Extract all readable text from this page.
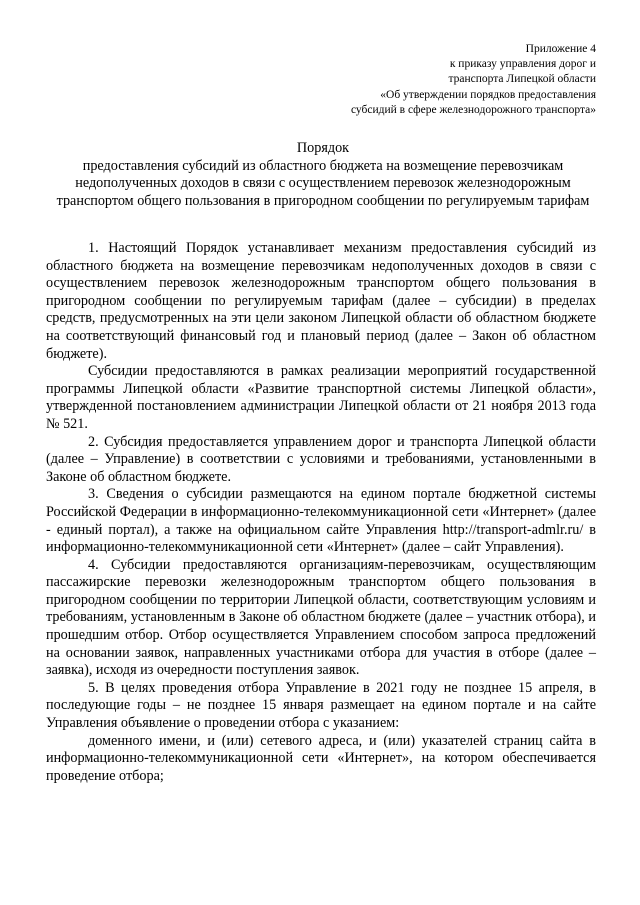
Приложение 4
к приказу управления дорог и
транспорта Липецкой области
«Об утверждении порядков предоставления
субсидий в сфере железнодорожного транспорта»
Порядок
предоставления субсидий из областного бюджета на возмещение перевозчикам недополученных доходов в связи с осуществлением перевозок железнодорожным транспортом общего пользования в пригородном сообщении по регулируемым тарифам

1. Настоящий Порядок устанавливает механизм предоставления субсидий из областного бюджета на возмещение перевозчикам недополученных доходов в связи с осуществлением перевозок железнодорожным транспортом общего пользования в пригородном сообщении по регулируемым тарифам (далее – субсидии) в пределах средств, предусмотренных на эти цели законом Липецкой области об областном бюджете на соответствующий финансовый год и плановый период (далее – Закон об областном бюджете).

Субсидии предоставляются в рамках реализации мероприятий государственной программы Липецкой области «Развитие транспортной системы Липецкой области», утвержденной постановлением администрации Липецкой области от 21 ноября 2013 года № 521.

2. Субсидия предоставляется управлением дорог и транспорта Липецкой области (далее – Управление) в соответствии с условиями и требованиями, установленными в Законе об областном бюджете.

3. Сведения о субсидии размещаются на едином портале бюджетной системы Российской Федерации в информационно-телекоммуникационной сети «Интернет» (далее - единый портал), а также на официальном сайте Управления http://transport-admlr.ru/ в информационно-телекоммуникационной сети «Интернет» (далее – сайт Управления).

4. Субсидии предоставляются организациям-перевозчикам, осуществляющим пассажирские перевозки железнодорожным транспортом общего пользования в пригородном сообщении по территории Липецкой области, соответствующим условиям и требованиям, установленным в Законе об областном бюджете (далее – участник отбора), и прошедшим отбор. Отбор осуществляется Управлением способом запроса предложений на основании заявок, направленных участниками отбора для участия в отборе (далее – заявка), исходя из очередности поступления заявок.

5. В целях проведения отбора Управление в 2021 году не позднее 15 апреля, в последующие годы – не позднее 15 января размещает на едином портале и на сайте Управления объявление о проведении отбора с указанием:

доменного имени, и (или) сетевого адреса, и (или) указателей страниц сайта в информационно-телекоммуникационной сети «Интернет», на котором обеспечивается проведение отбора;
